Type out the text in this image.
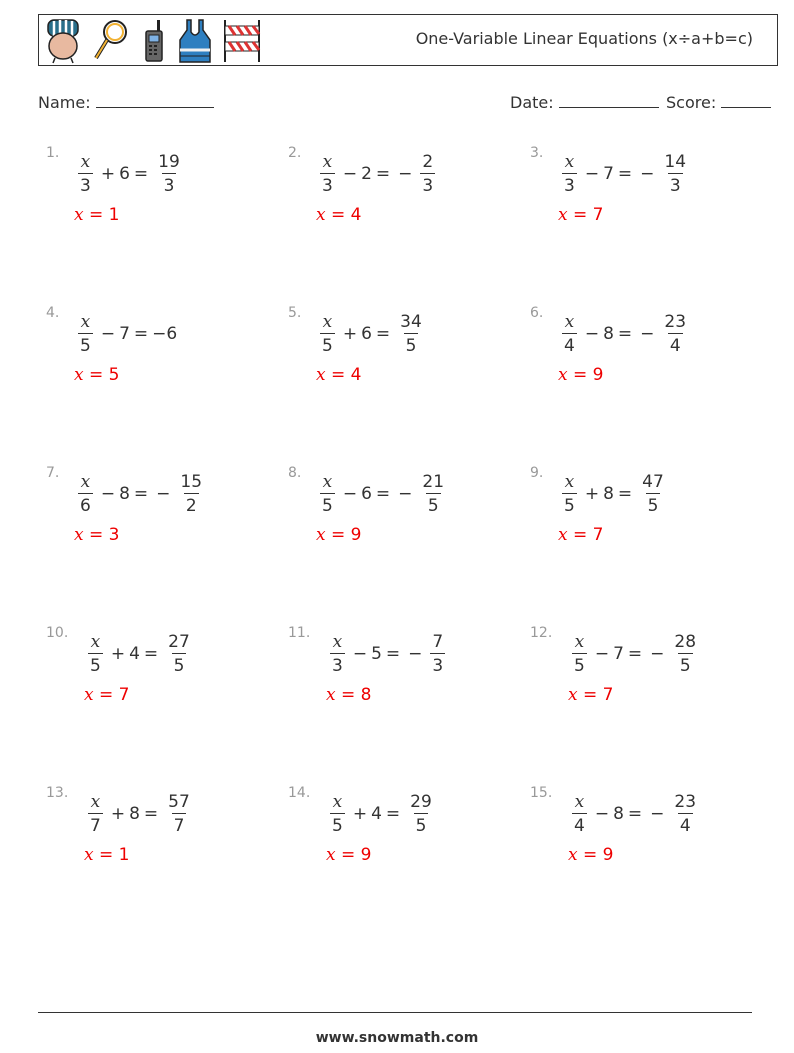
One-Variable Linear Equations (x÷a+b=c)
Name:	Date:	Score:
1. $\frac{x}{3} + 6 = \frac{19}{3}$
x = 1
2. $\frac{x}{3} - 2$ = − $\frac{2}{3}$
x = 4
3. $\frac{x}{3} - 7$ = − $\frac{14}{3}$
x = 7
4. $\frac{x}{5} - 7$ = − 6
x = 5
5. $\frac{x}{5} + 6 = \frac{34}{5}$
x = 4
6. $\frac{x}{4} - 8$ = − $\frac{23}{4}$
x = 9
7. $\frac{x}{6} - 8$ = − $\frac{15}{2}$
x = 3
8. $\frac{x}{5} - 6$ = − $\frac{21}{5}$
x = 9
9. $\frac{x}{5} + 8 = \frac{47}{5}$
x = 7
10. $\frac{x}{5} + 4 = \frac{27}{5}$
x = 7
11. $\frac{x}{3} - 5$ = − $\frac{7}{3}$
x = 8
12. $\frac{x}{5} - 7$ = − $\frac{28}{5}$
x = 7
13. $\frac{x}{7} + 8 = \frac{57}{7}$
x = 1
14. $\frac{x}{5} + 4 = \frac{29}{5}$
x = 9
15. $\frac{x}{4} - 8$ = − $\frac{23}{4}$
x = 9
www.snowmath.com
